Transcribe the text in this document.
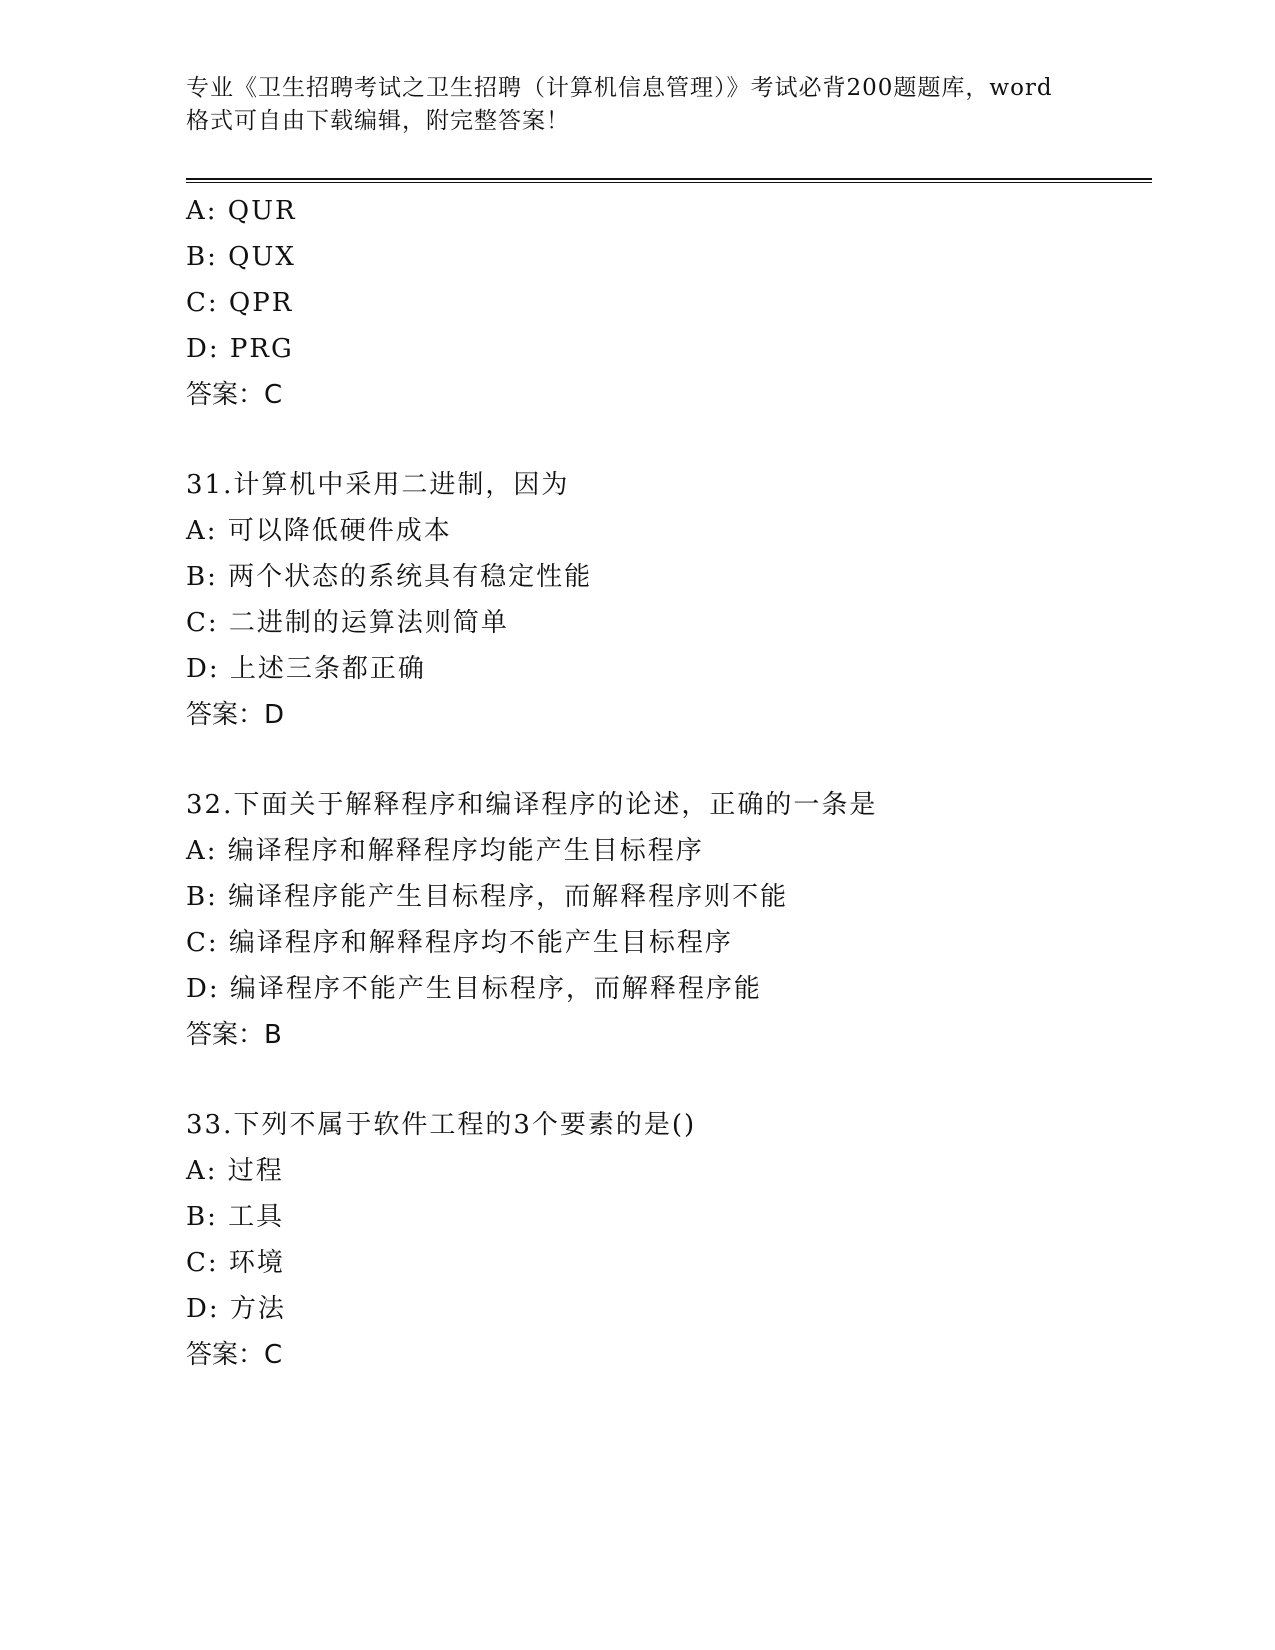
专业《卫生招聘考试之卫生招聘（计算机信息管理）》考试必背200题题库，word
格式可自由下载编辑，附完整答案！
A: QUR
B: QUX
C: QPR
D: PRG
答案：C
31.计算机中采用二进制，因为
A: 可以降低硬件成本
B: 两个状态的系统具有稳定性能
C: 二进制的运算法则简单
D: 上述三条都正确
答案：D
32.下面关于解释程序和编译程序的论述，正确的一条是
A: 编译程序和解释程序均能产生目标程序
B: 编译程序能产生目标程序，而解释程序则不能
C: 编译程序和解释程序均不能产生目标程序
D: 编译程序不能产生目标程序，而解释程序能
答案：B
33.下列不属于软件工程的3个要素的是()
A: 过程
B: 工具
C: 环境
D: 方法
答案：C
